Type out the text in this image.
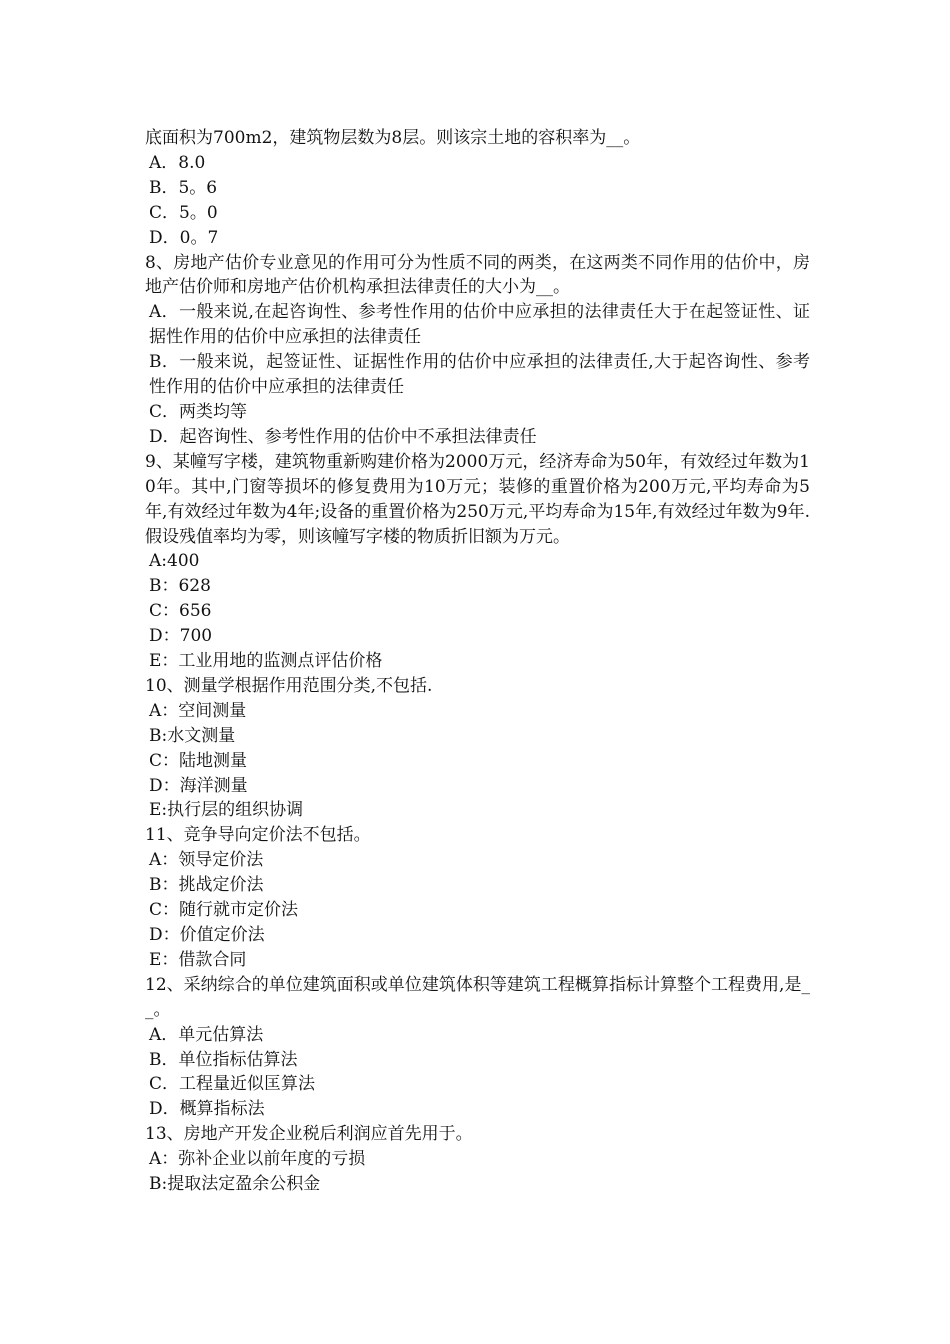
底面积为700m2，建筑物层数为8层。则该宗土地的容积率为__。

A．8.0

B．5。6

C．5。0

D．0。7

8、房地产估价专业意见的作用可分为性质不同的两类，在这两类不同作用的估价中，房地产估价师和房地产估价机构承担法律责任的大小为__。

A．一般来说,在起咨询性、参考性作用的估价中应承担的法律责任大于在起签证性、证据性作用的估价中应承担的法律责任

B．一般来说，起签证性、证据性作用的估价中应承担的法律责任,大于起咨询性、参考性作用的估价中应承担的法律责任

C．两类均等

D．起咨询性、参考性作用的估价中不承担法律责任

9、某幢写字楼，建筑物重新购建价格为2000万元，经济寿命为50年，有效经过年数为10年。其中,门窗等损坏的修复费用为10万元；装修的重置价格为200万元,平均寿命为5年,有效经过年数为4年;设备的重置价格为250万元,平均寿命为15年,有效经过年数为9年.假设残值率均为零，则该幢写字楼的物质折旧额为万元。

A:400

B：628

C：656

D：700

E：工业用地的监测点评估价格

10、测量学根据作用范围分类,不包括.

A：空间测量

B:水文测量

C：陆地测量

D：海洋测量

E:执行层的组织协调

11、竞争导向定价法不包括。

A：领导定价法

B：挑战定价法

C：随行就市定价法

D：价值定价法

E：借款合同

12、采纳综合的单位建筑面积或单位建筑体积等建筑工程概算指标计算整个工程费用,是__。

A．单元估算法

B．单位指标估算法

C．工程量近似匡算法

D．概算指标法

13、房地产开发企业税后利润应首先用于。

A：弥补企业以前年度的亏损

B:提取法定盈余公积金
